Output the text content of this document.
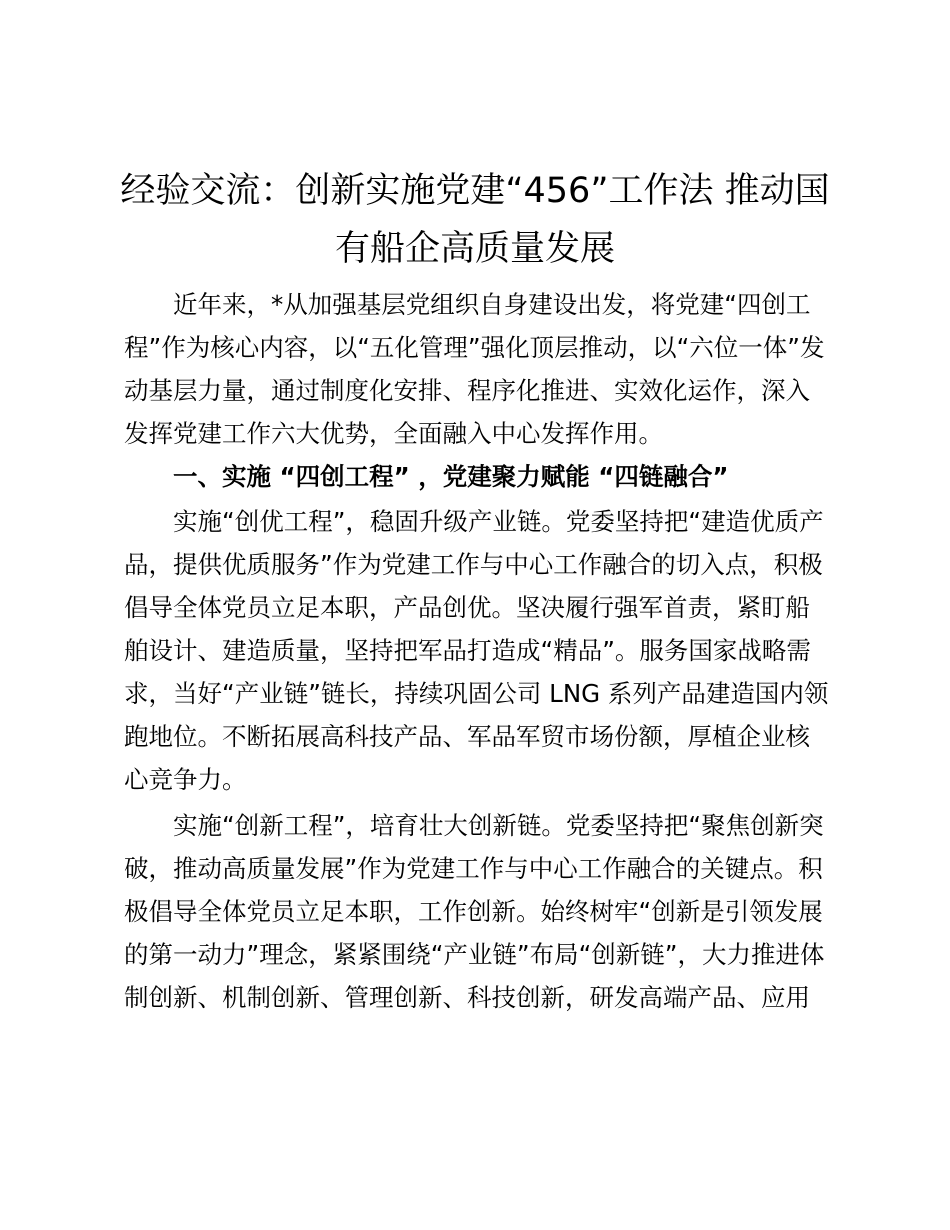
经验交流：创新实施党建“456”工作法 推动国
有船企高质量发展

近年来，*从加强基层党组织自身建设出发，将党建“四创工

程”作为核心内容，以“五化管理”强化顶层推动，以“六位一体”发

动基层力量，通过制度化安排、程序化推进、实效化运作，深入

发挥党建工作六大优势，全面融入中心发挥作用。

一、实施 “四创工程” ，党建聚力赋能 “四链融合”

实施“创优工程”，稳固升级产业链。党委坚持把“建造优质产

品，提供优质服务”作为党建工作与中心工作融合的切入点，积极

倡导全体党员立足本职，产品创优。坚决履行强军首责，紧盯船

舶设计、建造质量，坚持把军品打造成“精品”。服务国家战略需

求，当好“产业链”链长，持续巩固公司 LNG 系列产品建造国内领

跑地位。不断拓展高科技产品、军品军贸市场份额，厚植企业核

心竞争力。

实施“创新工程”，培育壮大创新链。党委坚持把“聚焦创新突

破，推动高质量发展”作为党建工作与中心工作融合的关键点。积

极倡导全体党员立足本职，工作创新。始终树牢“创新是引领发展

的第一动力”理念，紧紧围绕“产业链”布局“创新链”，大力推进体

制创新、机制创新、管理创新、科技创新，研发高端产品、应用
